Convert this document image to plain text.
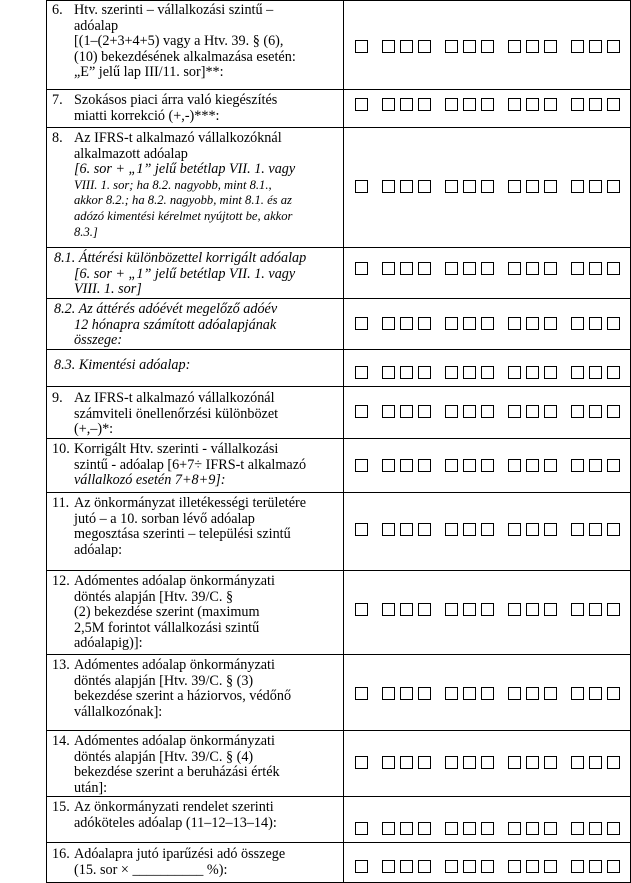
6. Htv. szerinti – vállalkozási szintű –
adóalap
[(1–(2+3+4+5) vagy a Htv. 39. § (6),
(10) bekezdésének alkalmazása esetén:
„E” jelű lap III/11. sor]**:
7. Szokásos piaci árra való kiegészítés
miatti korrekció (+,-)***:
8. Az IFRS-t alkalmazó vállalkozóknál
alkalmazott adóalap
[6. sor + „1” jelű betétlap VII. 1. vagy
VIII. 1. sor; ha 8.2. nagyobb, mint 8.1.,
akkor 8.2.; ha 8.2. nagyobb, mint 8.1. és az
adózó kimentési kérelmet nyújtott be, akkor
8.3.]
8.1. Áttérési különbözettel korrigált adóalap
[6. sor + „1” jelű betétlap VII. 1. vagy
VIII. 1. sor]
8.2. Az áttérés adóévét megelőző adóév
12 hónapra számított adóalapjának
összege:
8.3. Kimentési adóalap:
9. Az IFRS-t alkalmazó vállalkozónál
számviteli önellenőrzési különbözet
(+,–)*:
10. Korrigált Htv. szerinti - vállalkozási
szintű - adóalap [6+7÷ IFRS-t alkalmazó
vállalkozó esetén 7+8+9]:
11. Az önkormányzat illetékességi területére
jutó – a 10. sorban lévő adóalap
megosztása szerinti – települési szintű
adóalap:
12. Adómentes adóalap önkormányzati
döntés alapján [Htv. 39/C. §
(2) bekezdése szerint (maximum
2,5M forintot vállalkozási szintű
adóalapig)]:
13. Adómentes adóalap önkormányzati
döntés alapján [Htv. 39/C. § (3)
bekezdése szerint a háziorvos, védőnő
vállalkozónak]:
14. Adómentes adóalap önkormányzati
döntés alapján [Htv. 39/C. § (4)
bekezdése szerint a beruházási érték
után]:
15. Az önkormányzati rendelet szerinti
adóköteles adóalap (11–12–13–14):
16. Adóalapra jutó iparűzési adó összege
(15. sor × __________ %):
